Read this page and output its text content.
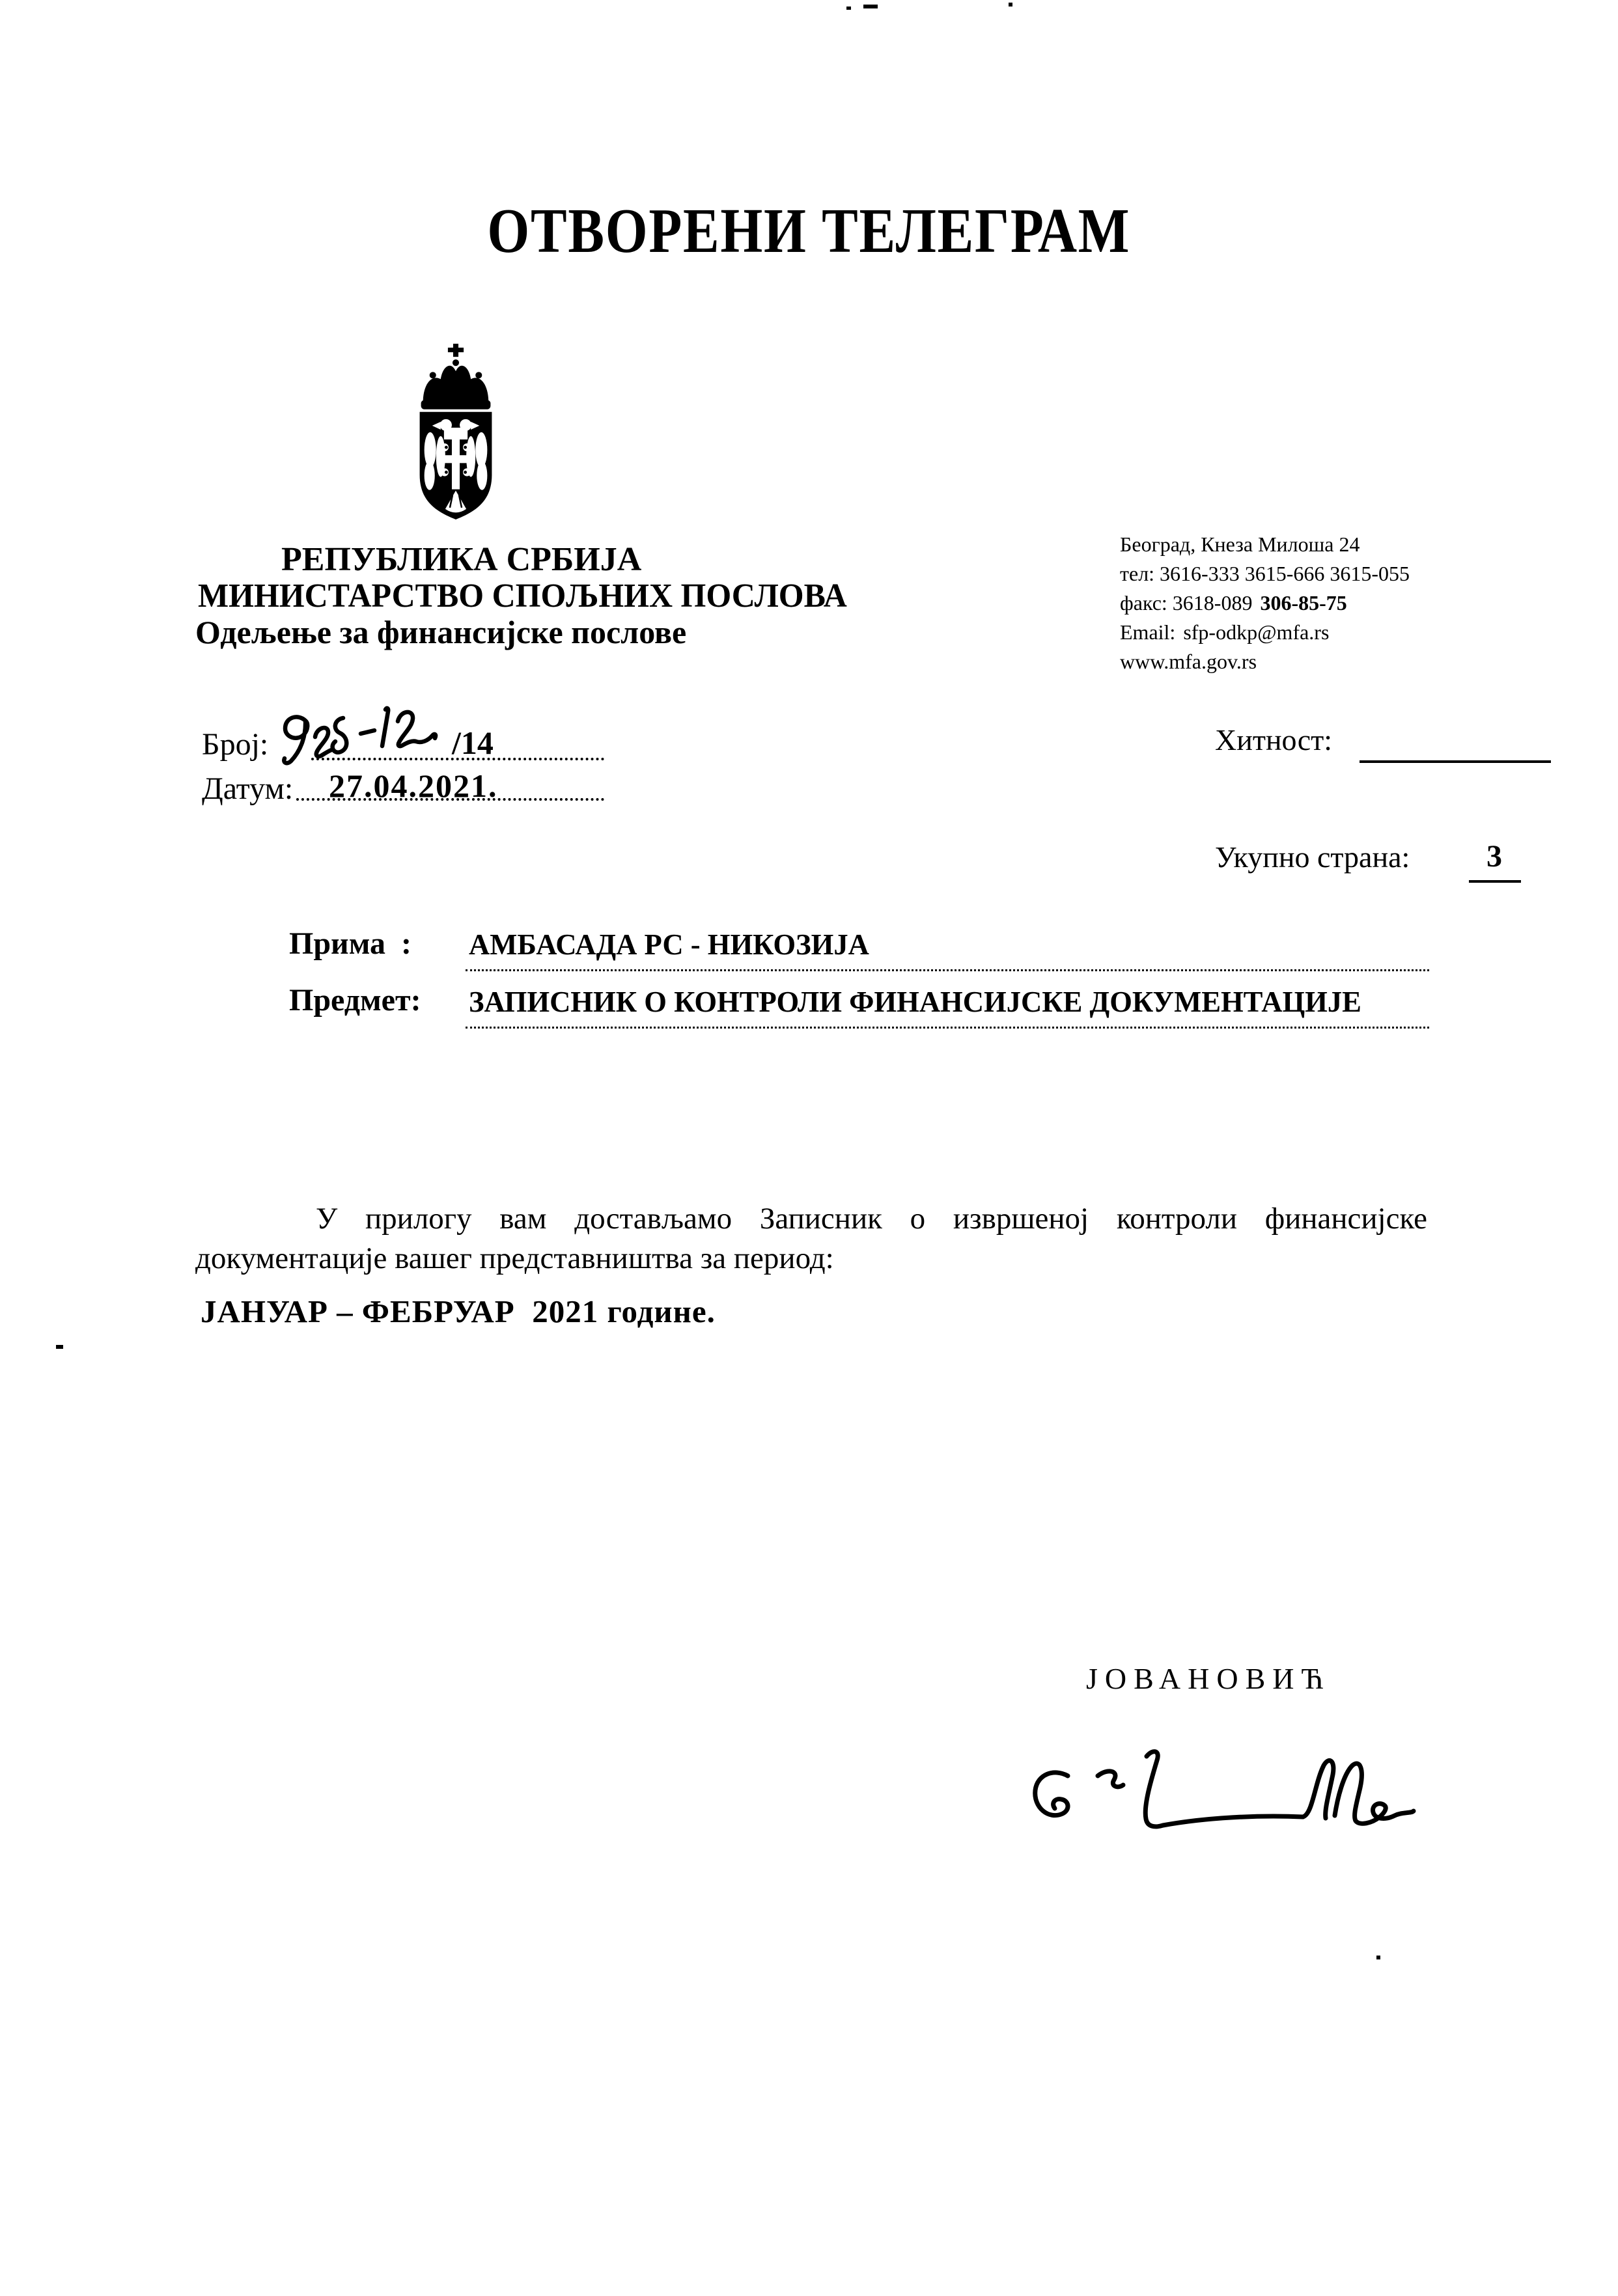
ОТВОРЕНИ ТЕЛЕГРАМ
РЕПУБЛИКА СРБИЈА
МИНИСТАРСТВО СПОЉНИХ ПОСЛОВА
Одељење за финансијске послове
Београд, Кнеза Милоша 24
тел: 3616-333 3615-666 3615-055
факс: 3618-089 306-85-75
Email: sfp-odkp@mfa.rs
www.mfa.gov.rs
Број:	/14
Датум: 27.04.2021.
Хитност:
Укупно страна: 3
Прима  : АМБАСАДА РС - НИКОЗИЈА
Предмет: ЗАПИСНИК О КОНТРОЛИ ФИНАНСИЈСКЕ ДОКУМЕНТАЦИЈЕ
У прилогу вам достављамо Записник о извршеној контроли финансијске
документације вашег представништва за период:
ЈАНУАР – ФЕБРУАР  2021 године.
ЈОВАНОВИЋ
